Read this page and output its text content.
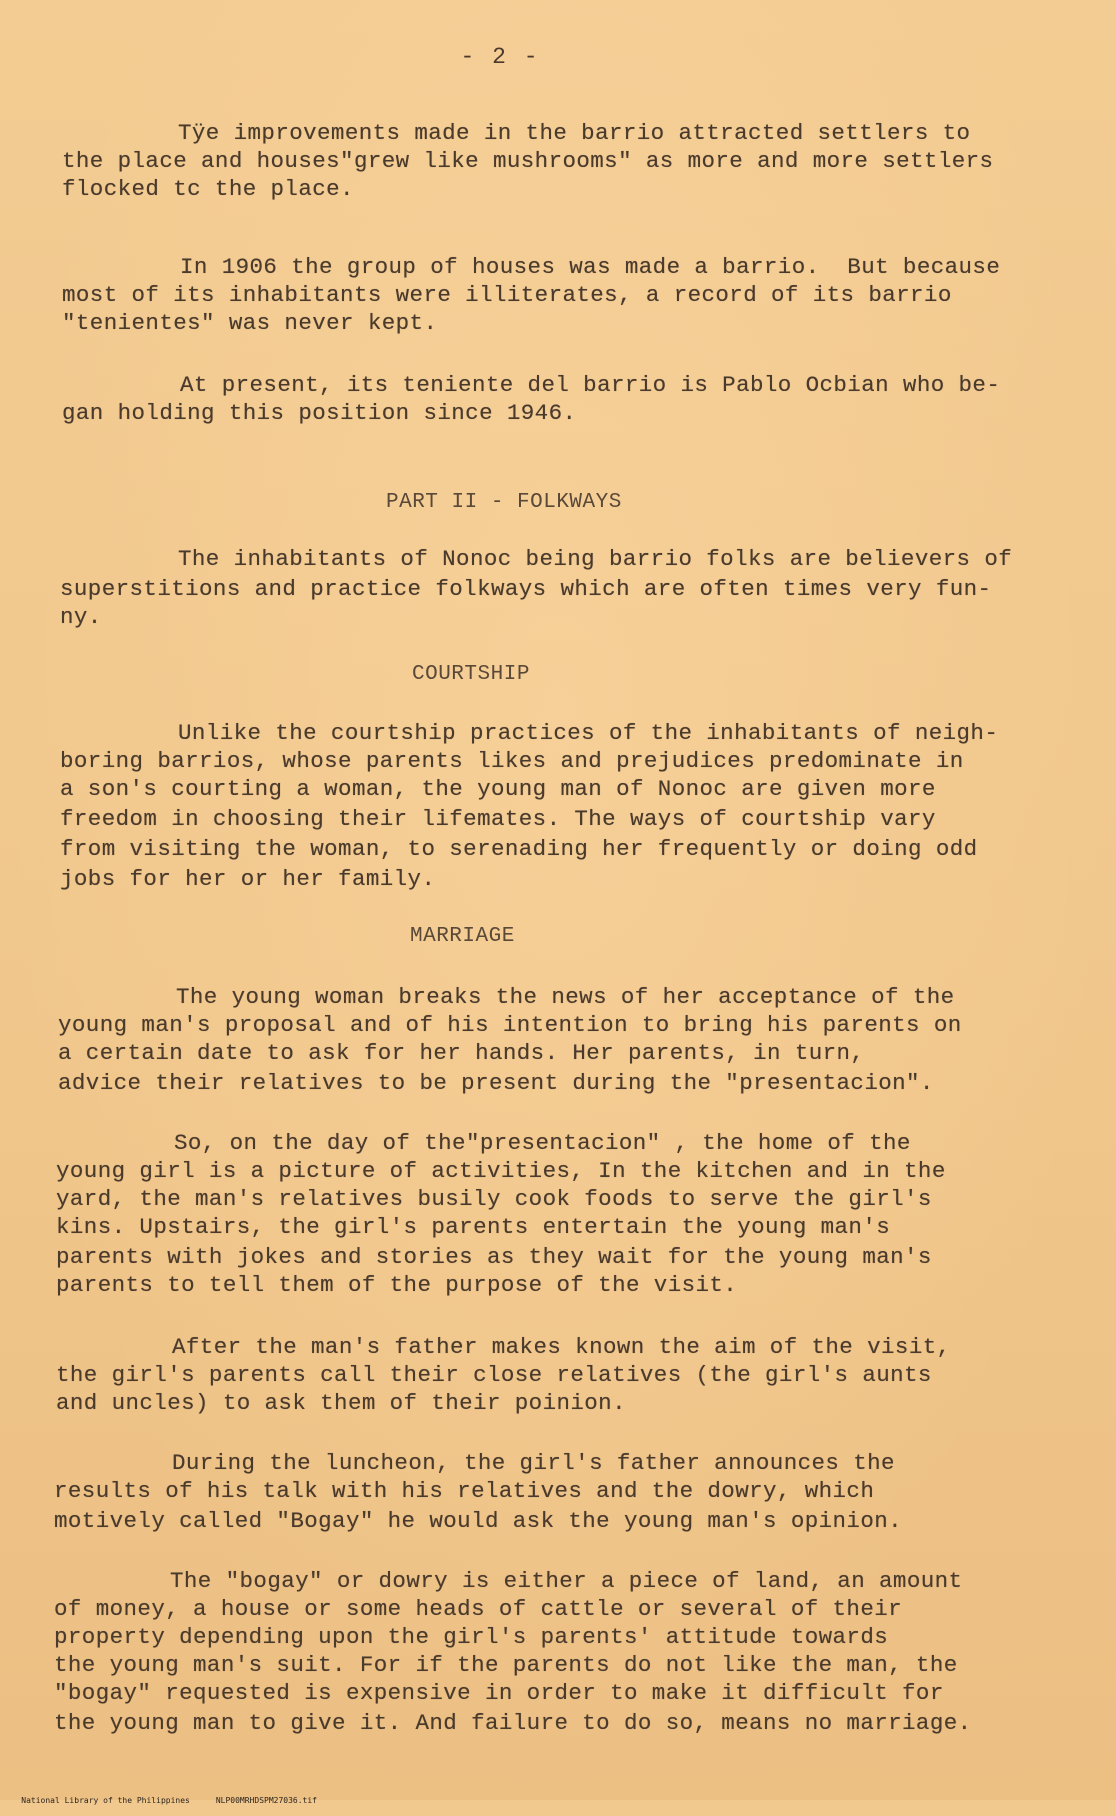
- 2 -
Tÿe improvements made in the barrio attracted settlers to
the place and houses"grew like mushrooms" as more and more settlers
flocked tc the place.
In 1906 the group of houses was made a barrio.  But because
most of its inhabitants were illiterates, a record of its barrio
"tenientes" was never kept.
At present, its teniente del barrio is Pablo Ocbian who be-
gan holding this position since 1946.
PART II - FOLKWAYS
The inhabitants of Nonoc being barrio folks are believers of
superstitions and practice folkways which are often times very fun-
ny.
COURTSHIP
Unlike the courtship practices of the inhabitants of neigh-
boring barrios, whose parents likes and prejudices predominate in
a son's courting a woman, the young man of Nonoc are given more
freedom in choosing their lifemates. The ways of courtship vary
from visiting the woman, to serenading her frequently or doing odd
jobs for her or her family.
MARRIAGE
The young woman breaks the news of her acceptance of the
young man's proposal and of his intention to bring his parents on
a certain date to ask for her hands. Her parents, in turn,
advice their relatives to be present during the "presentacion".
So, on the day of the"presentacion" , the home of the
young girl is a picture of activities, In the kitchen and in the
yard, the man's relatives busily cook foods to serve the girl's
kins. Upstairs, the girl's parents entertain the young man's
parents with jokes and stories as they wait for the young man's
parents to tell them of the purpose of the visit.
After the man's father makes known the aim of the visit,
the girl's parents call their close relatives (the girl's aunts
and uncles) to ask them of their poinion.
During the luncheon, the girl's father announces the
results of his talk with his relatives and the dowry, which
motively called "Bogay" he would ask the young man's opinion.
The "bogay" or dowry is either a piece of land, an amount
of money, a house or some heads of cattle or several of their
property depending upon the girl's parents' attitude towards
the young man's suit. For if the parents do not like the man, the
"bogay" requested is expensive in order to make it difficult for
the young man to give it. And failure to do so, means no marriage.

National Library of the Philippines	NLP00MRHDSPM27036.tif
